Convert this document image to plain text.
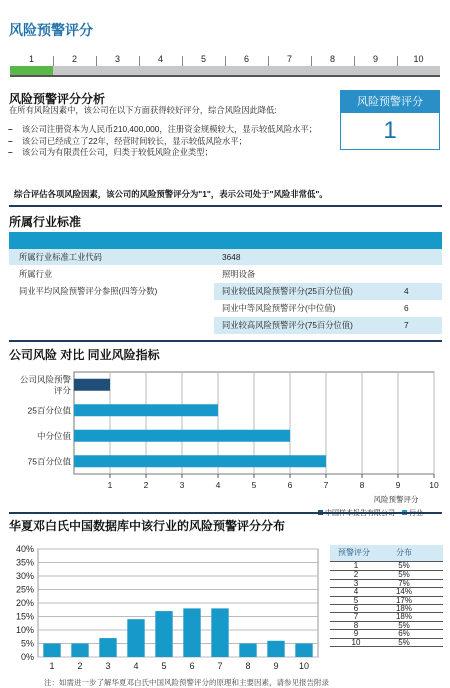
风险预警评分
1	2	3	4	5	6	7	8	9	10
风险预警评分分析
在所有风险因素中，该公司在以下方面获得较好评分，综合风险因此降低:
– 该公司注册资本为人民币210,400,000，注册资金规模较大，显示较低风险水平；
– 该公司已经成立了22年，经营时间较长，显示较低风险水平；
– 该公司为有限责任公司，归类于较低风险企业类型；
风险预警评分
1
综合评估各项风险因素，该公司的风险预警评分为"1"，表示公司处于"风险非常低"。
所属行业标准
所属行业标准工业代码	3648
所属行业	照明设备
同业平均风险预警评分参照(四等分数)	同业较低风险预警评分(25百分位值)	4
同业中等风险预警评分(中位值)	6
同业较高风险预警评分(75百分位值)	7
公司风险 对比 同业风险指标
1	2	3	4	5	6	7	8	9	10
公司风险预警
评分
25百分位值
中分位值
75百分位值
风险预警评分
华夏邓白氏中国数据库中该行业的风险预警评分分布
0%
5%
10%
15%
20%
25%
30%
35%
40%
1	2	3	4	5	6	7	8	9 10
预警评分	分布
1	5%
2	5%
3	7%
4	14%
5	17%
6	18%
7	18%
8	5%
9	6%
10	5%
注：如需进一步了解华夏邓白氏中国风险预警评分的原理和主要因素，请参见报告附录
